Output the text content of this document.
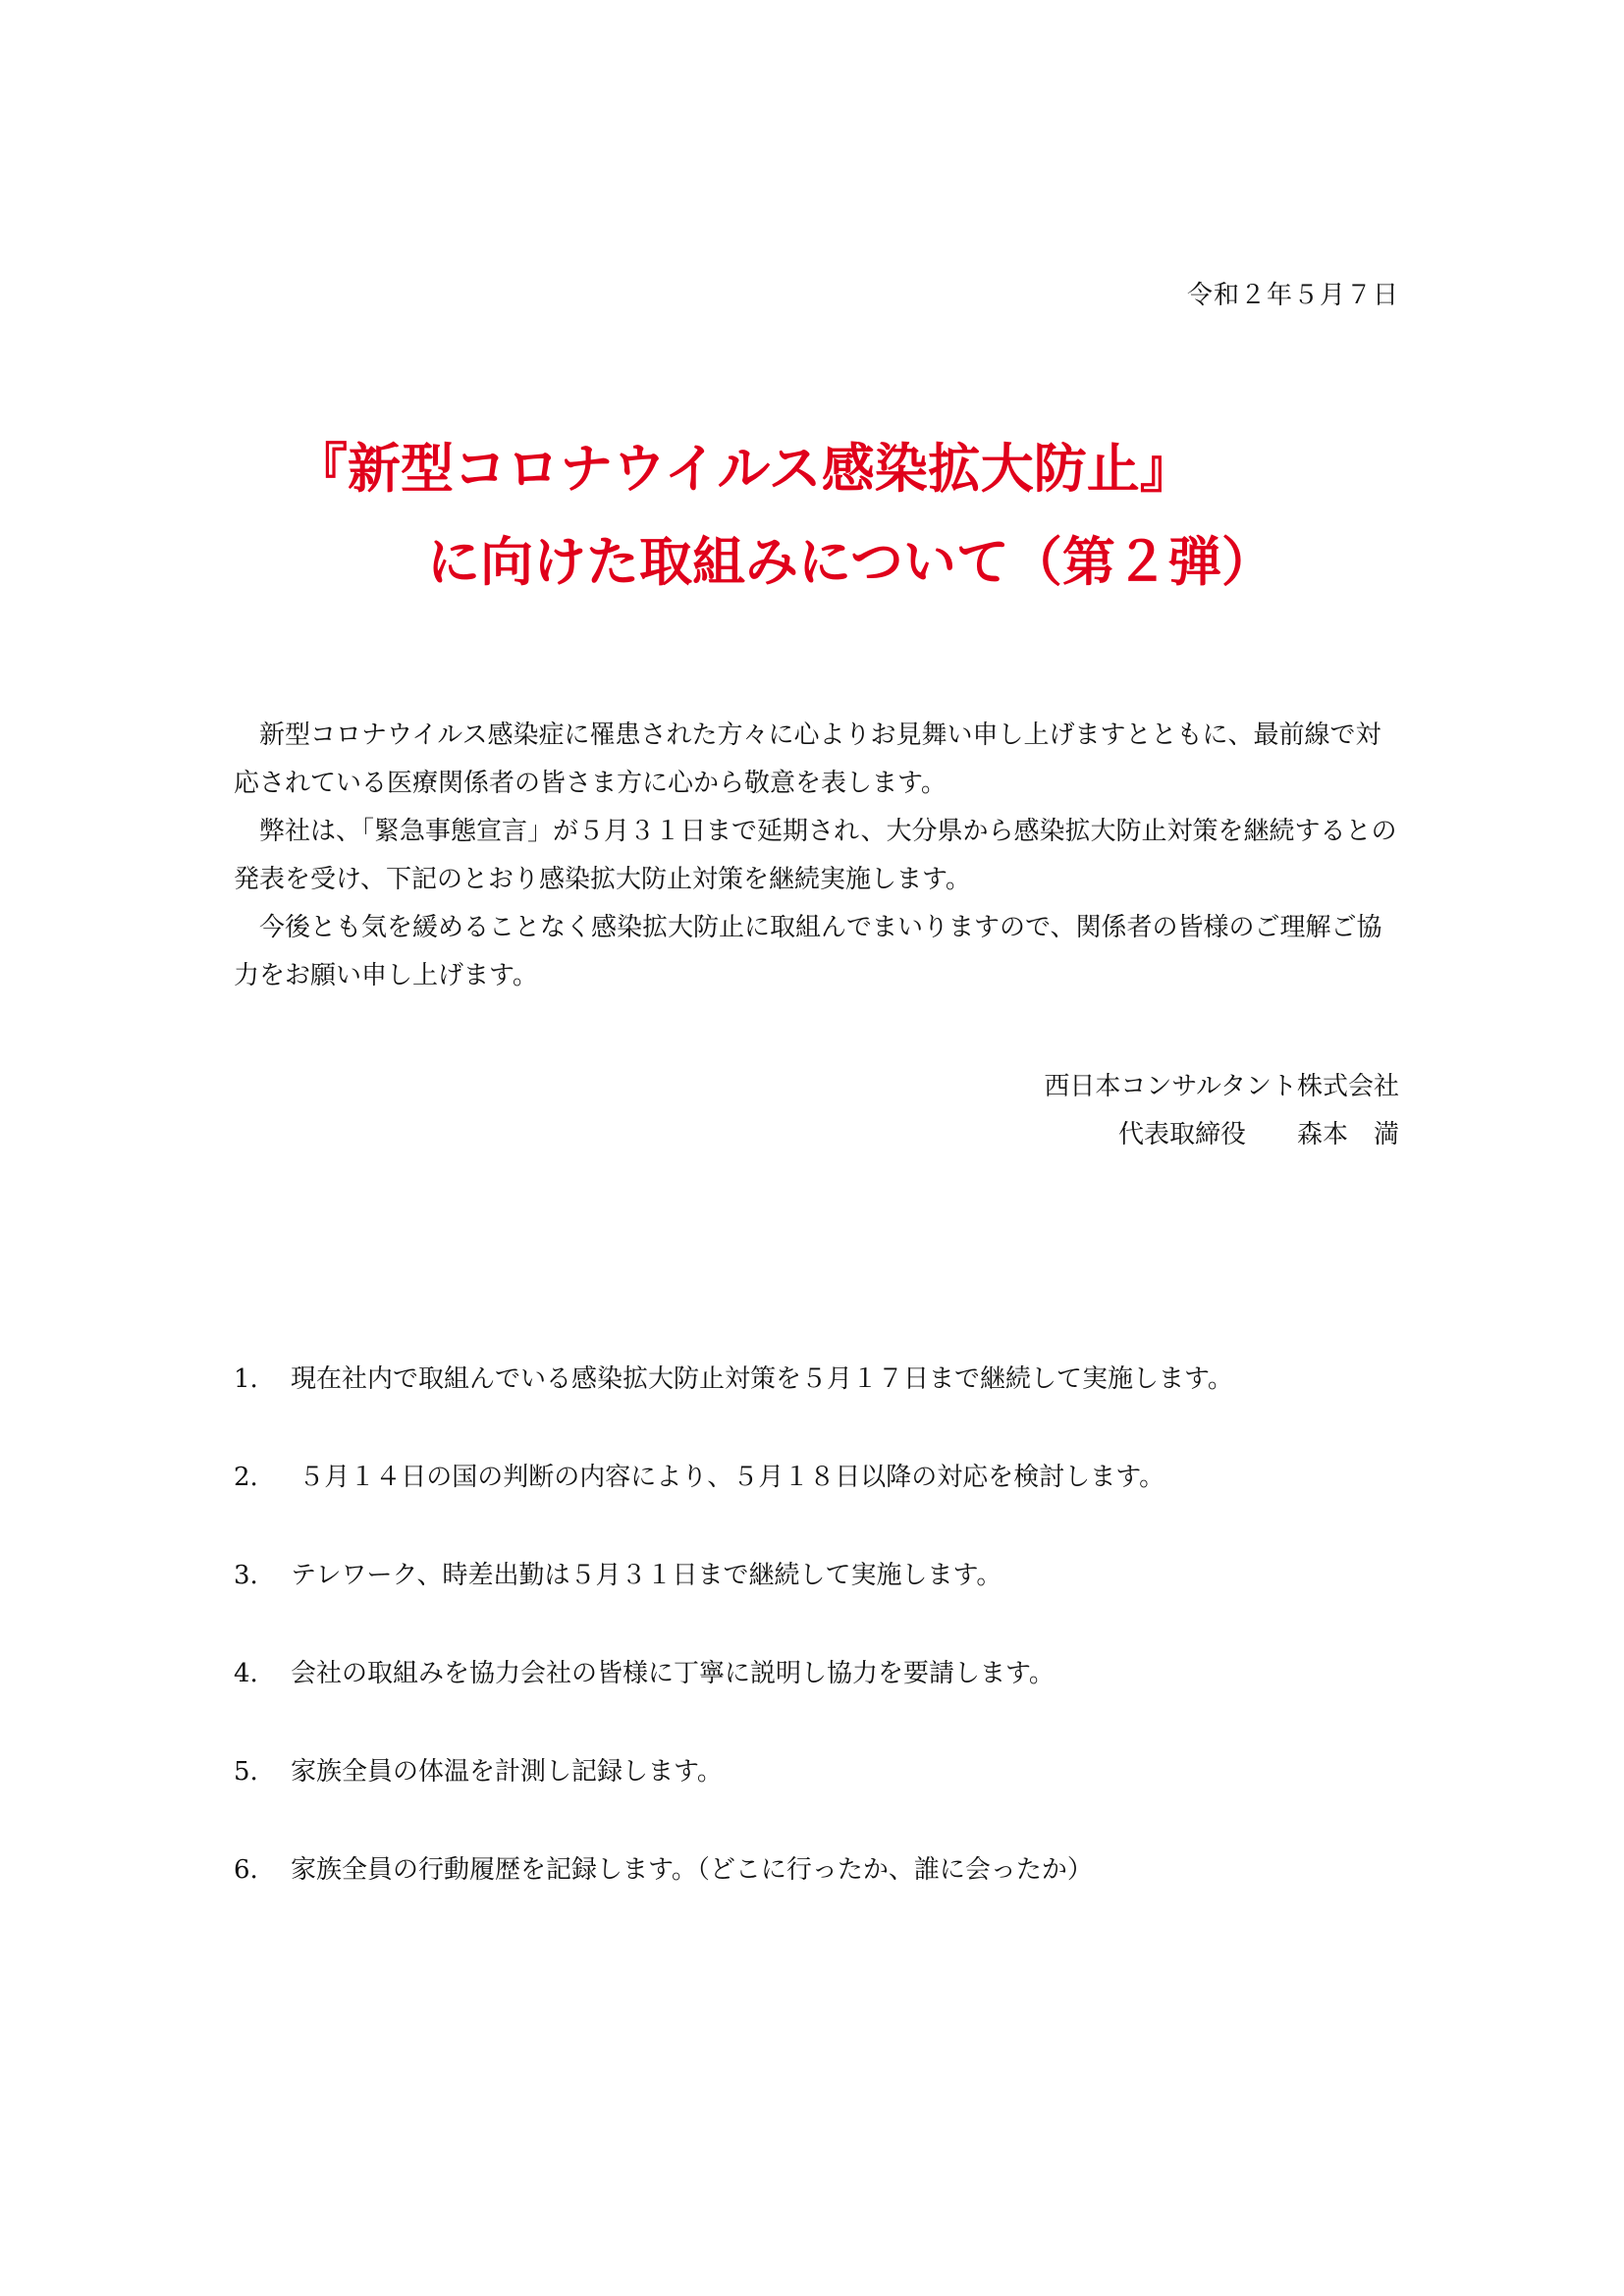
令和２年５月７日
『新型コロナウイルス感染拡大防止』
に向けた取組みについて（第２弾）

新型コロナウイルス感染症に罹患された方々に心よりお見舞い申し上げますとともに、最前線で対応されている医療関係者の皆さま方に心から敬意を表します。

弊社は、「緊急事態宣言」が５月３１日まで延期され、大分県から感染拡大防止対策を継続するとの発表を受け、下記のとおり感染拡大防止対策を継続実施します。

今後とも気を緩めることなく感染拡大防止に取組んでまいりますので、関係者の皆様のご理解ご協力をお願い申し上げます。

西日本コンサルタント株式会社
代表取締役　　森本　満
1.	現在社内で取組んでいる感染拡大防止対策を５月１７日まで継続して実施します。
2.	５月１４日の国の判断の内容により、５月１８日以降の対応を検討します。
3.	テレワーク、時差出勤は５月３１日まで継続して実施します。
4.	会社の取組みを協力会社の皆様に丁寧に説明し協力を要請します。
5.	家族全員の体温を計測し記録します。
6.	家族全員の行動履歴を記録します。（どこに行ったか、誰に会ったか）
